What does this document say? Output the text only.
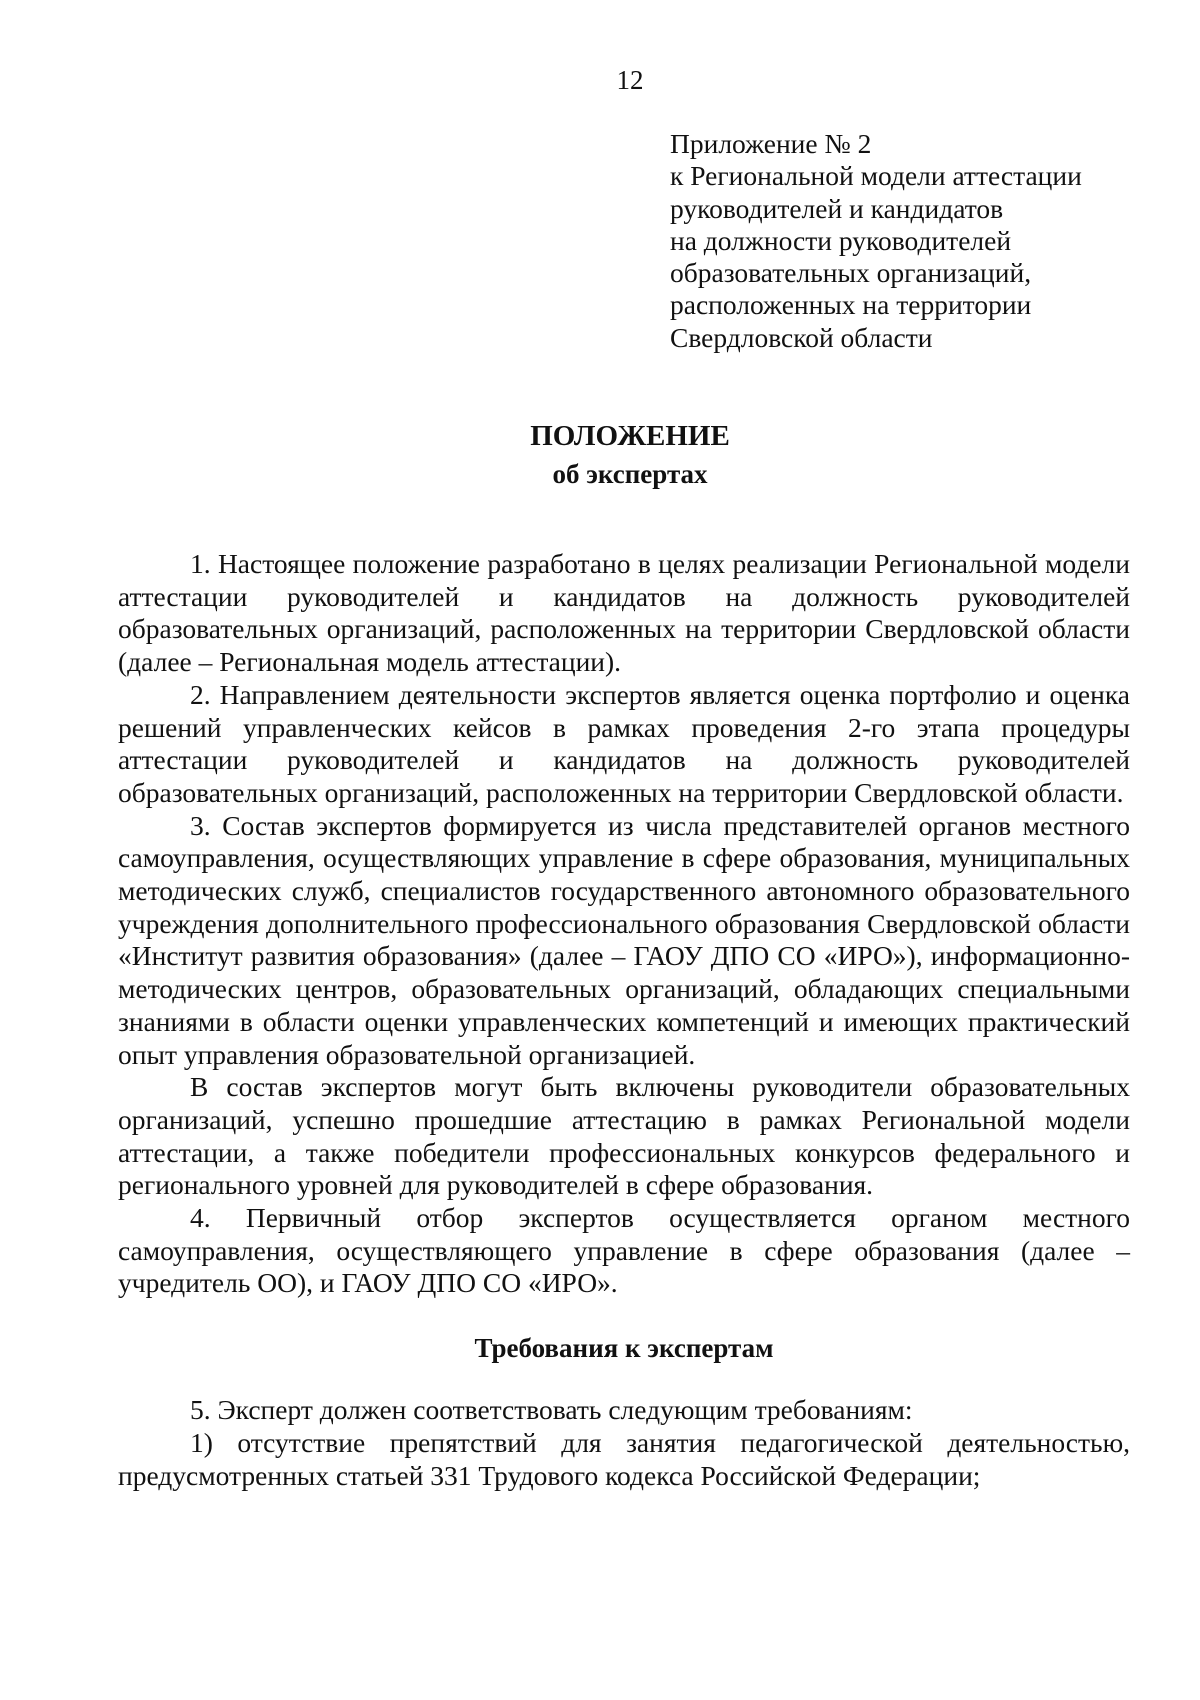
12
Приложение № 2
к Региональной модели аттестации
руководителей и кандидатов
на должности руководителей
образовательных организаций,
расположенных на территории
Свердловской области
ПОЛОЖЕНИЕ
об экспертах

1. Настоящее положение разработано в целях реализации Региональной модели аттестации руководителей и кандидатов на должность руководителей образовательных организаций, расположенных на территории Свердловской области (далее – Региональная модель аттестации).

2. Направлением деятельности экспертов является оценка портфолио и оценка решений управленческих кейсов в рамках проведения 2-го этапа процедуры аттестации руководителей и кандидатов на должность руководителей образовательных организаций, расположенных на территории Свердловской области.

3. Состав экспертов формируется из числа представителей органов местного самоуправления, осуществляющих управление в сфере образования, муниципальных методических служб, специалистов государственного автономного образовательного учреждения дополнительного профессионального образования Свердловской области «Институт развития образования» (далее – ГАОУ ДПО СО «ИРО»), информационно-методических центров, образовательных организаций, обладающих специальными знаниями в области оценки управленческих компетенций и имеющих практический опыт управления образовательной организацией.

В состав экспертов могут быть включены руководители образовательных организаций, успешно прошедшие аттестацию в рамках Региональной модели аттестации, а также победители профессиональных конкурсов федерального и регионального уровней для руководителей в сфере образования.

4. Первичный отбор экспертов осуществляется органом местного самоуправления, осуществляющего управление в сфере образования (далее – учредитель ОО), и ГАОУ ДПО СО «ИРО».

Требования к экспертам

5. Эксперт должен соответствовать следующим требованиям:

1) отсутствие препятствий для занятия педагогической деятельностью, предусмотренных статьей 331 Трудового кодекса Российской Федерации;
